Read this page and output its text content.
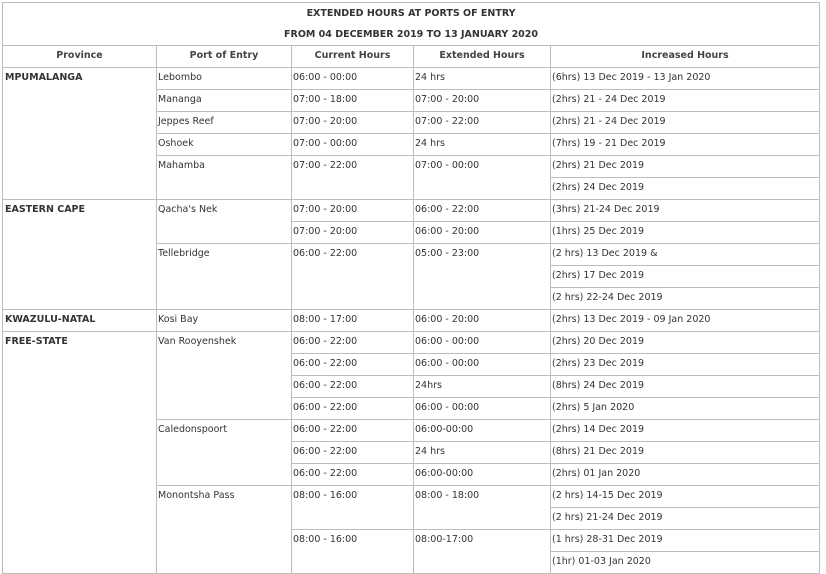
EXTENDED HOURS AT PORTS OF ENTRY				
FROM 04 DECEMBER 2019 TO 13 JANUARY 2020				
Province	Port of Entry	Current Hours	Extended Hours	Increased Hours
MPUMALANGA	Lebombo	06:00 - 00:00	24 hrs	(6hrs) 13 Dec 2019 - 13 Jan 2020
	Mananga	07:00 - 18:00	07:00 - 20:00	(2hrs) 21 - 24 Dec 2019
	Jeppes Reef	07:00 - 20:00	07:00 - 22:00	(2hrs) 21 - 24 Dec 2019
	Oshoek	07:00 - 00:00	24 hrs	(7hrs) 19 - 21 Dec 2019
	Mahamba	07:00 - 22:00	07:00 - 00:00	(2hrs) 21 Dec 2019
				(2hrs) 24 Dec 2019
EASTERN CAPE	Qacha's Nek	07:00 - 20:00	06:00 - 22:00	(3hrs) 21-24 Dec 2019
		07:00 - 20:00	06:00 - 20:00	(1hrs) 25 Dec 2019
	Tellebridge	06:00 - 22:00	05:00 - 23:00	(2 hrs) 13 Dec 2019 &
				(2hrs) 17 Dec 2019
				(2 hrs) 22-24 Dec 2019
KWAZULU-NATAL	Kosi Bay	08:00 - 17:00	06:00 - 20:00	(2hrs) 13 Dec 2019 - 09 Jan 2020
FREE-STATE	Van Rooyenshek	06:00 - 22:00	06:00 - 00:00	(2hrs) 20 Dec 2019
		06:00 - 22:00	06:00 - 00:00	(2hrs) 23 Dec 2019
		06:00 - 22:00	24hrs	(8hrs) 24 Dec 2019
		06:00 - 22:00	06:00 - 00:00	(2hrs) 5 Jan 2020
	Caledonspoort	06:00 - 22:00	06:00-00:00	(2hrs) 14 Dec 2019
		06:00 - 22:00	24 hrs	(8hrs) 21 Dec 2019
		06:00 - 22:00	06:00-00:00	(2hrs) 01 Jan 2020
	Monontsha Pass	08:00 - 16:00	08:00 - 18:00	(2 hrs) 14-15 Dec 2019
				(2 hrs) 21-24 Dec 2019
		08:00 - 16:00	08:00-17:00	(1 hrs) 28-31 Dec 2019
				(1hr) 01-03 Jan 2020
